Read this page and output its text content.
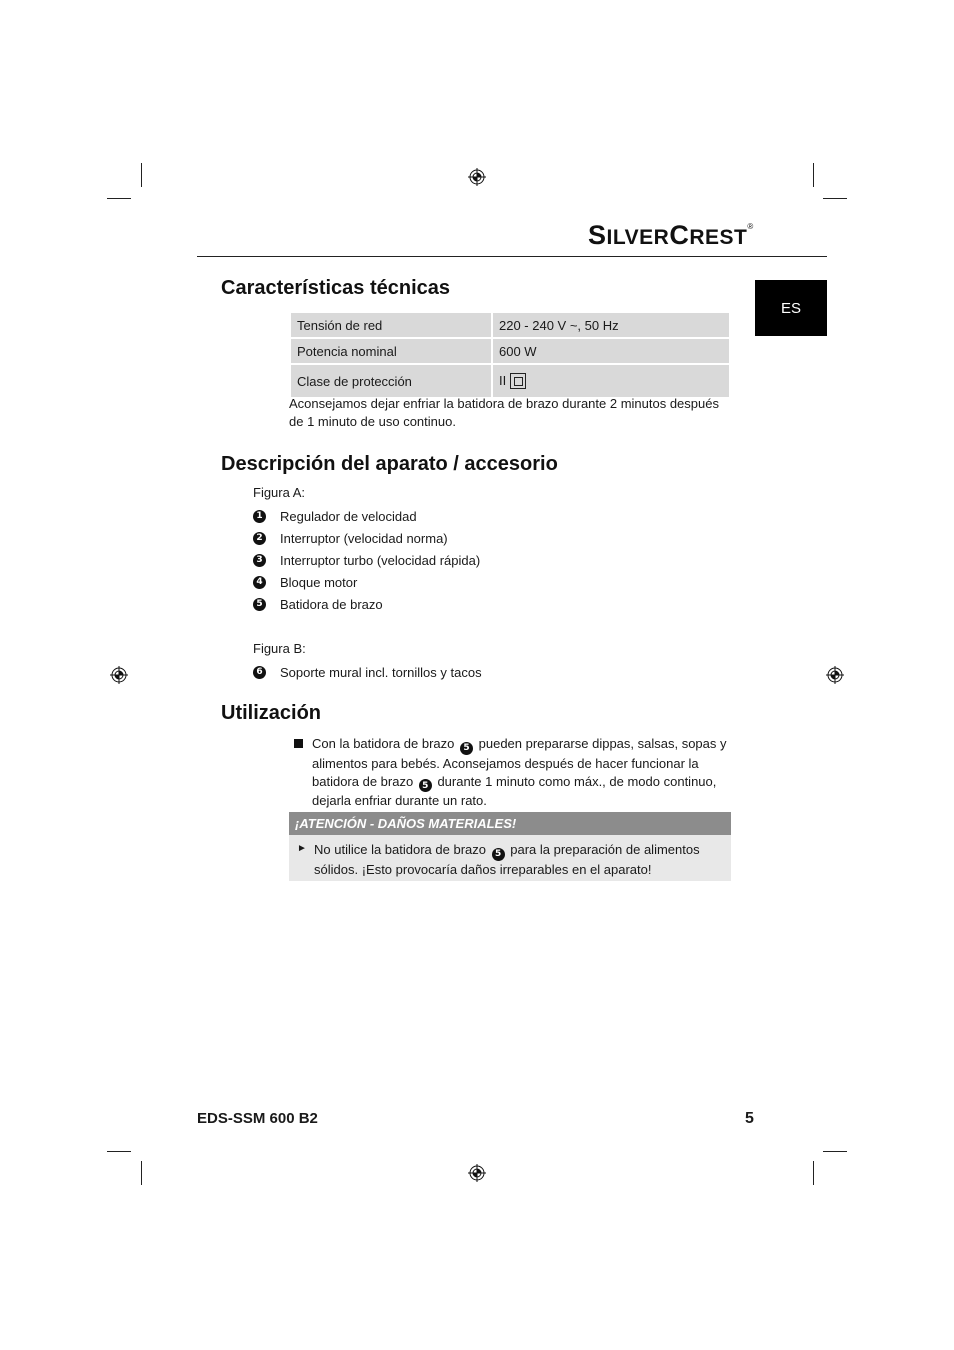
SILVERCREST®
ES
Características técnicas
Tensión de red	220 - 240 V ~, 50 Hz
Potencia nominal	600 W
Clase de protección	II
Aconsejamos dejar enfriar la batidora de brazo durante 2 minutos después de 1 minuto de uso continuo.
Descripción del aparato / accesorio
Figura A:
1 Regulador de velocidad
2 Interruptor (velocidad norma)
3 Interruptor turbo (velocidad rápida)
4 Bloque motor
5 Batidora de brazo
Figura B:
6 Soporte mural incl. tornillos y tacos
Utilización
Con la batidora de brazo 5 pueden prepararse dippas, salsas, sopas y alimentos para bebés. Aconsejamos después de hacer funcionar la batidora de brazo 5 durante 1 minuto como máx., de modo continuo, dejarla enfriar durante un rato.
¡ATENCIÓN - DAÑOS MATERIALES!
► No utilice la batidora de brazo 5 para la preparación de alimentos sólidos. ¡Esto provocaría daños irreparables en el aparato!
EDS-SSM 600 B2	5
